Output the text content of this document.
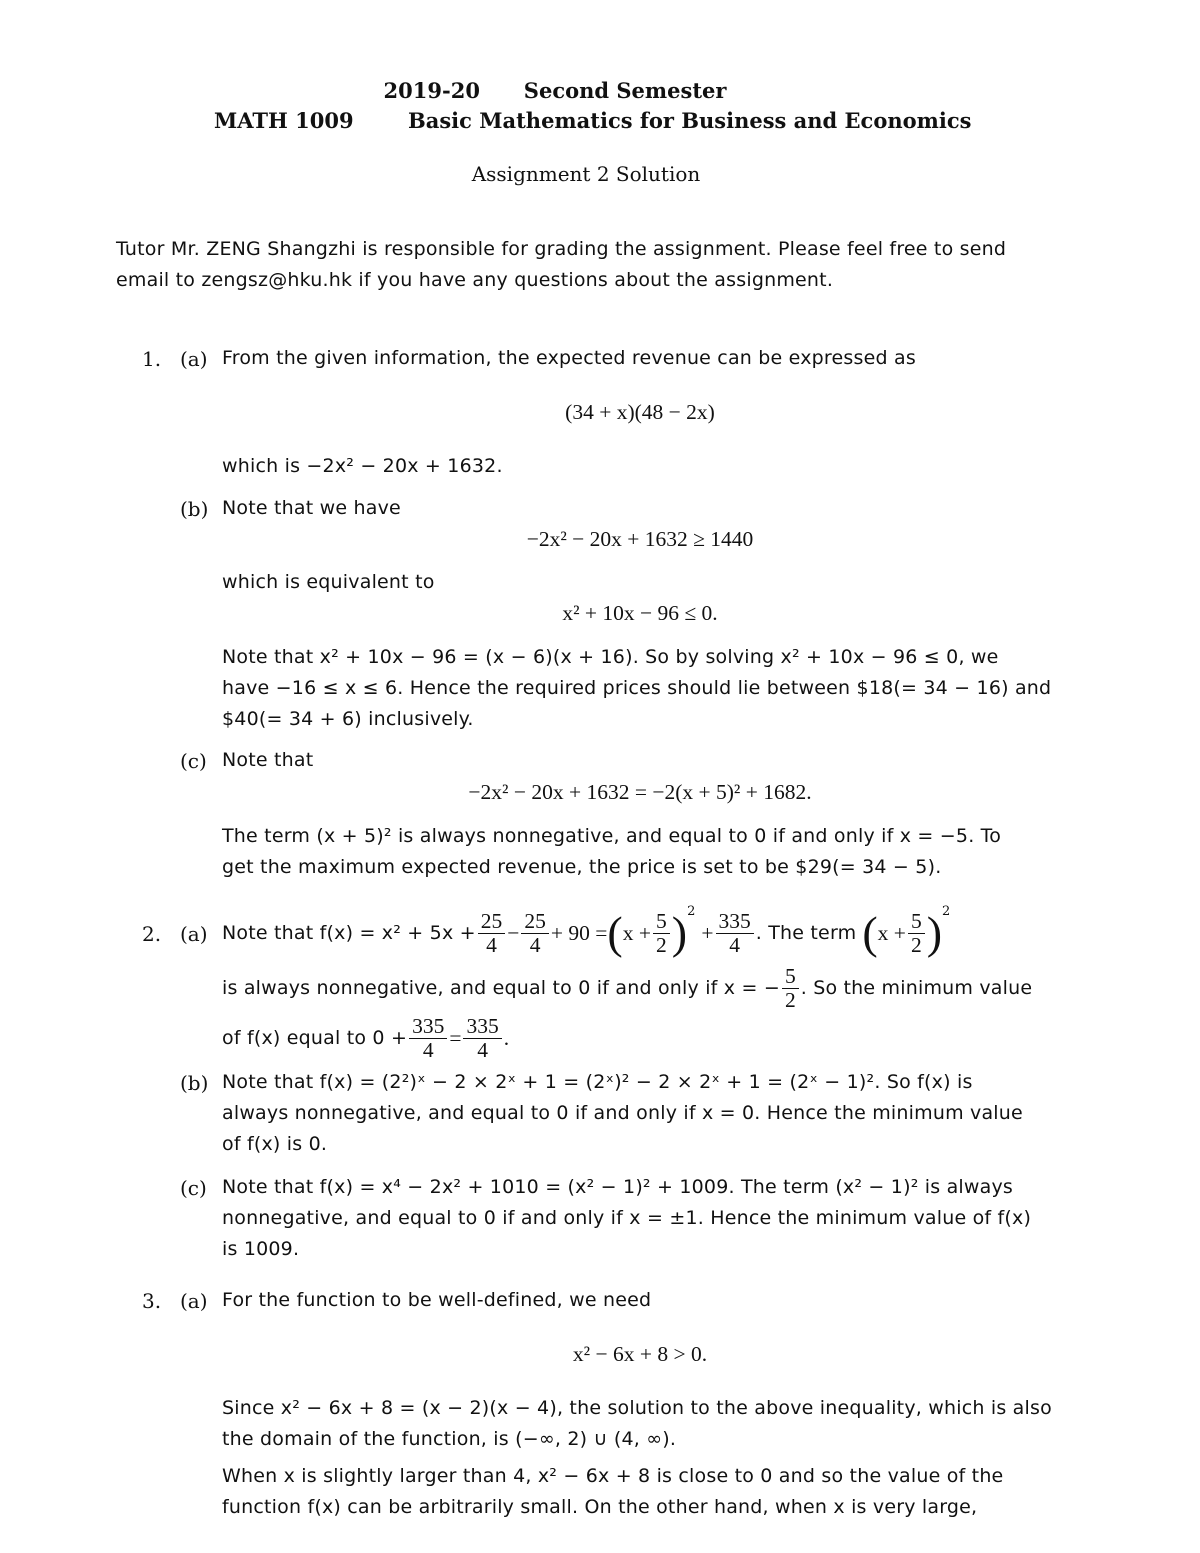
2019-20      Second Semester
MATH 1009	Basic Mathematics for Business and Economics
Assignment 2 Solution
Tutor Mr. ZENG Shangzhi is responsible for grading the assignment. Please feel free to send
email to zengsz@hku.hk if you have any questions about the assignment.
1. (a) From the given information, the expected revenue can be expressed as
(34 + x)(48 − 2x)
which is −2x² − 20x + 1632.
(b) Note that we have
−2x² − 20x + 1632 ≥ 1440
which is equivalent to
x² + 10x − 96 ≤ 0.
Note that x² + 10x − 96 = (x − 6)(x + 16). So by solving x² + 10x − 96 ≤ 0, we
have −16 ≤ x ≤ 6. Hence the required prices should lie between $18(= 34 − 16) and
$40(= 34 + 6) inclusively.
(c) Note that
−2x² − 20x + 1632 = −2(x + 5)² + 1682.
The term (x + 5)² is always nonnegative, and equal to 0 if and only if x = −5. To
get the maximum expected revenue, the price is set to be $29(= 34 − 5).
2. (a) Note that $f(x) = x^2 + 5x + \frac{25}{4} - \frac{25}{4} + 90$ = ( $x + \frac{5}{2} )^2$
+ $\frac{335}{4}$ . The term ( $x + \frac{5}{2} )^2$
is always nonnegative, and equal to 0 if and only if x = − $\frac{5}{2}$ . So the minimum value
of f(x) equal to $0 + \frac{335}{4} = \frac{335}{4}$ .
(b) Note that f(x) = (2²)ˣ − 2 × 2ˣ + 1 = (2ˣ)² − 2 × 2ˣ + 1 = (2ˣ − 1)². So f(x) is
always nonnegative, and equal to 0 if and only if x = 0. Hence the minimum value
of f(x) is 0.
(c) Note that f(x) = x⁴ − 2x² + 1010 = (x² − 1)² + 1009. The term (x² − 1)² is always
nonnegative, and equal to 0 if and only if x = ±1. Hence the minimum value of f(x)
is 1009.
3. (a) For the function to be well-defined, we need
x² − 6x + 8 > 0.
Since x² − 6x + 8 = (x − 2)(x − 4), the solution to the above inequality, which is also
the domain of the function, is (−∞, 2) ∪ (4, ∞).
When x is slightly larger than 4, x² − 6x + 8 is close to 0 and so the value of the
function f(x) can be arbitrarily small. On the other hand, when x is very large,
